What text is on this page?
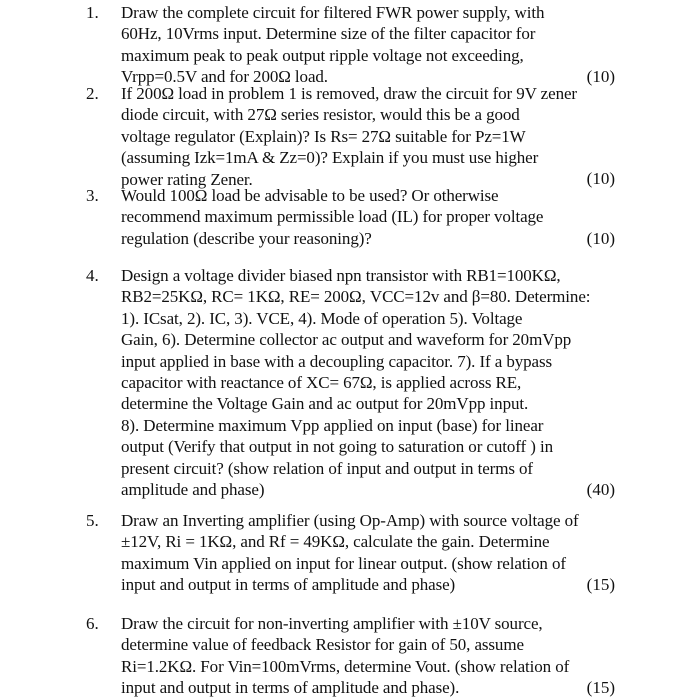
1. Draw the complete circuit for filtered FWR power supply, with
60Hz, 10Vrms input. Determine size of the filter capacitor for
maximum peak to peak output ripple voltage not exceeding,
Vrpp=0.5V and for 200Ω load.	(10)
2. If 200Ω load in problem 1 is removed, draw the circuit for 9V zener
diode circuit, with 27Ω series resistor, would this be a good
voltage regulator (Explain)? Is Rs= 27Ω suitable for Pz=1W
(assuming Izk=1mA & Zz=0)? Explain if you must use higher
power rating Zener.	(10)
3. Would 100Ω load be advisable to be used? Or otherwise
recommend maximum permissible load (IL) for proper voltage
regulation (describe your reasoning)?	(10)
4. Design a voltage divider biased npn transistor with RB1=100KΩ,
RB2=25KΩ, RC= 1KΩ, RE= 200Ω, VCC=12v and β=80. Determine:
1). ICsat, 2). IC, 3). VCE, 4). Mode of operation 5). Voltage
Gain, 6). Determine collector ac output and waveform for 20mVpp
input applied in base with a decoupling capacitor. 7). If a bypass
capacitor with reactance of XC= 67Ω, is applied across RE,
determine the Voltage Gain and ac output for 20mVpp input.
8). Determine maximum Vpp applied on input (base) for linear
output (Verify that output in not going to saturation or cutoff ) in
present circuit? (show relation of input and output in terms of
amplitude and phase)	(40)
5. Draw an Inverting amplifier (using Op-Amp) with source voltage of
±12V, Ri = 1KΩ, and Rf = 49KΩ, calculate the gain. Determine
maximum Vin applied on input for linear output. (show relation of
input and output in terms of amplitude and phase)	(15)
6. Draw the circuit for non-inverting amplifier with ±10V source,
determine value of feedback Resistor for gain of 50, assume
Ri=1.2KΩ. For Vin=100mVrms, determine Vout. (show relation of
input and output in terms of amplitude and phase).	(15)
